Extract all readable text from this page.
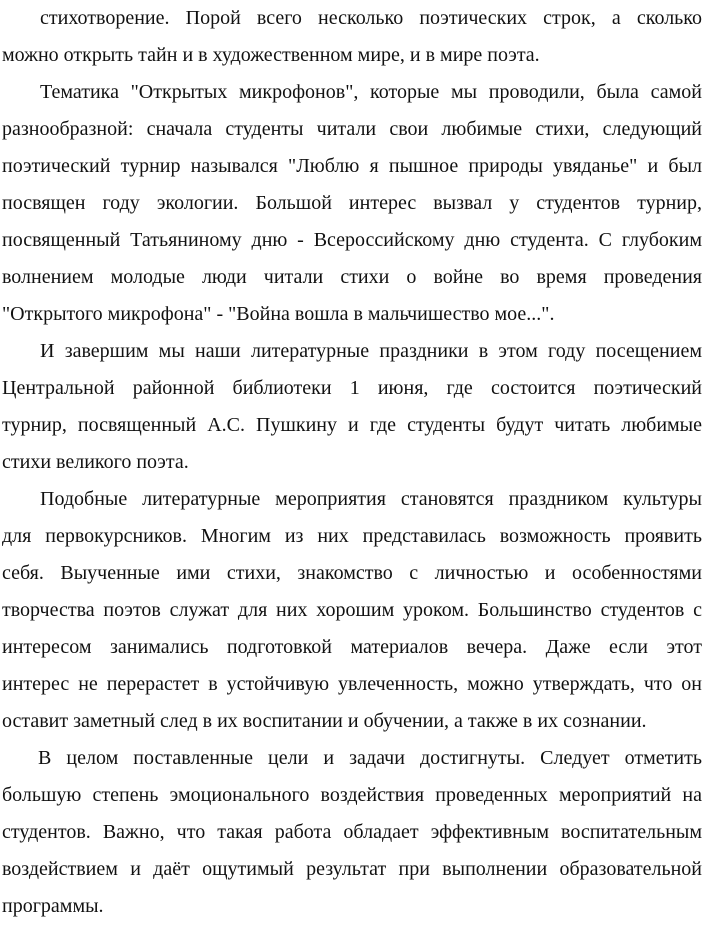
стихотворение. Порой всего несколько поэтических строк, а сколько
можно открыть тайн и в художественном мире, и в мире поэта.
Тематика "Открытых микрофонов", которые мы проводили, была самой
разнообразной: сначала студенты читали свои любимые стихи, следующий
поэтический турнир назывался "Люблю я пышное природы увяданье" и был
посвящен году экологии. Большой интерес вызвал у студентов турнир,
посвященный Татьяниному дню - Всероссийскому дню студента. С глубоким
волнением молодые люди читали стихи о войне во время проведения
"Открытого микрофона" - "Война вошла в мальчишество мое...".
И завершим мы наши литературные праздники в этом году посещением
Центральной районной библиотеки 1 июня, где состоится поэтический
турнир, посвященный А.С. Пушкину и где студенты будут читать любимые
стихи великого поэта.
Подобные литературные мероприятия становятся праздником культуры
для первокурсников. Многим из них представилась возможность проявить
себя. Выученные ими стихи, знакомство с личностью и особенностями
творчества поэтов служат для них хорошим уроком. Большинство студентов с
интересом занимались подготовкой материалов вечера. Даже если этот
интерес не перерастет в устойчивую увлеченность, можно утверждать, что он
оставит заметный след в их воспитании и обучении, а также в их сознании.
В целом поставленные цели и задачи достигнуты. Следует отметить
большую степень эмоционального воздействия проведенных мероприятий на
студентов. Важно, что такая работа обладает эффективным воспитательным
воздействием и даёт ощутимый результат при выполнении образовательной
программы.
